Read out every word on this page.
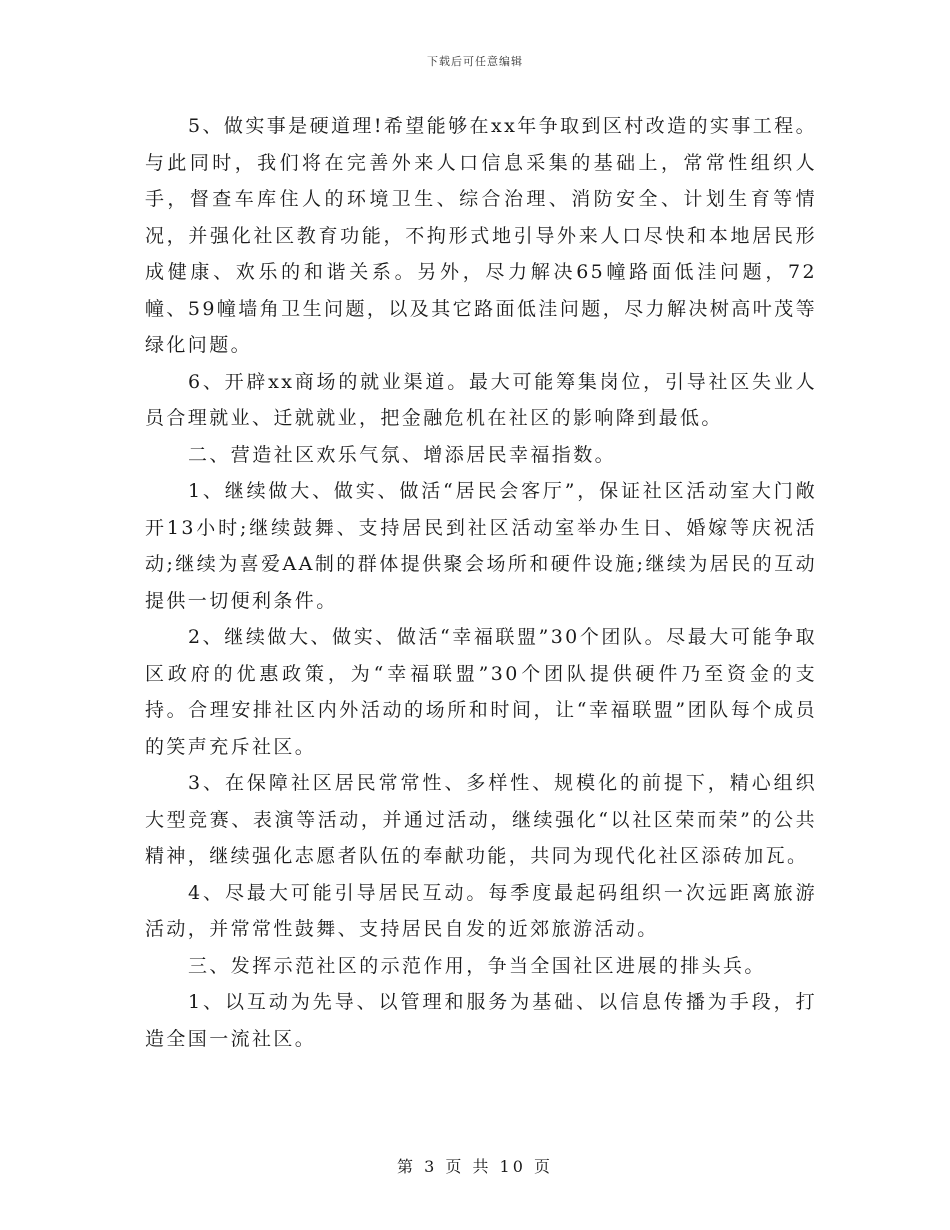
下载后可任意编辑

5、做实事是硬道理!希望能够在xx年争取到区村改造的实事工程。与此同时，我们将在完善外来人口信息采集的基础上，常常性组织人手，督查车库住人的环境卫生、综合治理、消防安全、计划生育等情况，并强化社区教育功能，不拘形式地引导外来人口尽快和本地居民形成健康、欢乐的和谐关系。另外，尽力解决65幢路面低洼问题，72幢、59幢墙角卫生问题，以及其它路面低洼问题，尽力解决树高叶茂等绿化问题。

6、开辟xx商场的就业渠道。最大可能筹集岗位，引导社区失业人员合理就业、迁就就业，把金融危机在社区的影响降到最低。

二、营造社区欢乐气氛、增添居民幸福指数。

1、继续做大、做实、做活“居民会客厅”，保证社区活动室大门敞开13小时;继续鼓舞、支持居民到社区活动室举办生日、婚嫁等庆祝活动;继续为喜爱AA制的群体提供聚会场所和硬件设施;继续为居民的互动提供一切便利条件。

2、继续做大、做实、做活“幸福联盟”30个团队。尽最大可能争取区政府的优惠政策，为“幸福联盟”30个团队提供硬件乃至资金的支持。合理安排社区内外活动的场所和时间，让“幸福联盟”团队每个成员的笑声充斥社区。

3、在保障社区居民常常性、多样性、规模化的前提下，精心组织大型竞赛、表演等活动，并通过活动，继续强化“以社区荣而荣”的公共精神，继续强化志愿者队伍的奉献功能，共同为现代化社区添砖加瓦。

4、尽最大可能引导居民互动。每季度最起码组织一次远距离旅游活动，并常常性鼓舞、支持居民自发的近郊旅游活动。

三、发挥示范社区的示范作用，争当全国社区进展的排头兵。

1、以互动为先导、以管理和服务为基础、以信息传播为手段，打造全国一流社区。

第 3 页 共 10 页
